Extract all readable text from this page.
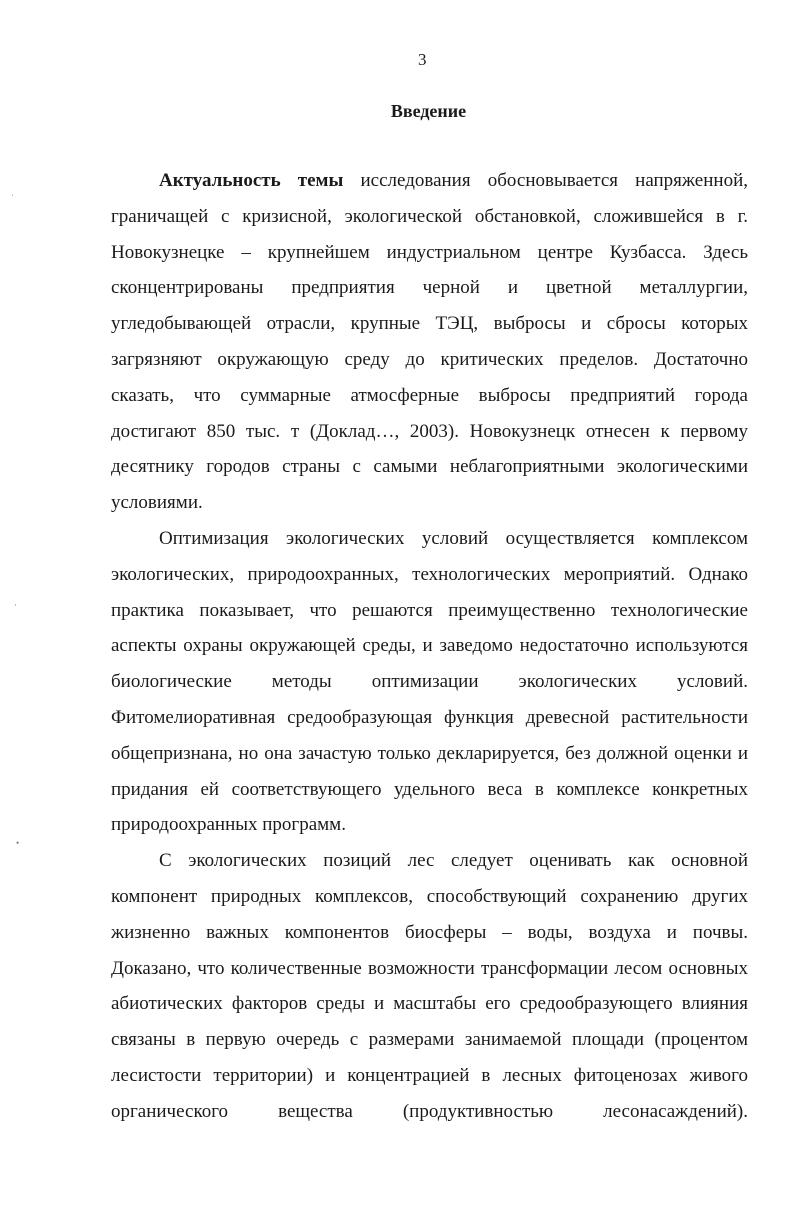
3
Введение
Актуальность темы исследования обосновывается напряженной,
граничащей с кризисной, экологической обстановкой, сложившейся в г.
Новокузнецке – крупнейшем индустриальном центре Кузбасса. Здесь
сконцентрированы предприятия черной и цветной металлургии,
угледобывающей отрасли, крупные ТЭЦ, выбросы и сбросы которых
загрязняют окружающую среду до критических пределов. Достаточно
сказать, что суммарные атмосферные выбросы предприятий города
достигают 850 тыс. т (Доклад…, 2003). Новокузнецк отнесен к первому
десятнику городов страны с самыми неблагоприятными экологическими
условиями.
Оптимизация экологических условий осуществляется комплексом
экологических, природоохранных, технологических мероприятий. Однако
практика показывает, что решаются преимущественно технологические
аспекты охраны окружающей среды, и заведомо недостаточно используются
биологические методы оптимизации экологических условий.
Фитомелиоративная средообразующая функция древесной растительности
общепризнана, но она зачастую только декларируется, без должной оценки и
придания ей соответствующего удельного веса в комплексе конкретных
природоохранных программ.
С экологических позиций лес следует оценивать как основной
компонент природных комплексов, способствующий сохранению других
жизненно важных компонентов биосферы – воды, воздуха и почвы.
Доказано, что количественные возможности трансформации лесом основных
абиотических факторов среды и масштабы его средообразующего влияния
связаны в первую очередь с размерами занимаемой площади (процентом
лесистости территории) и концентрацией в лесных фитоценозах живого
органического вещества (продуктивностью лесонасаждений).
ˈ
·
•
